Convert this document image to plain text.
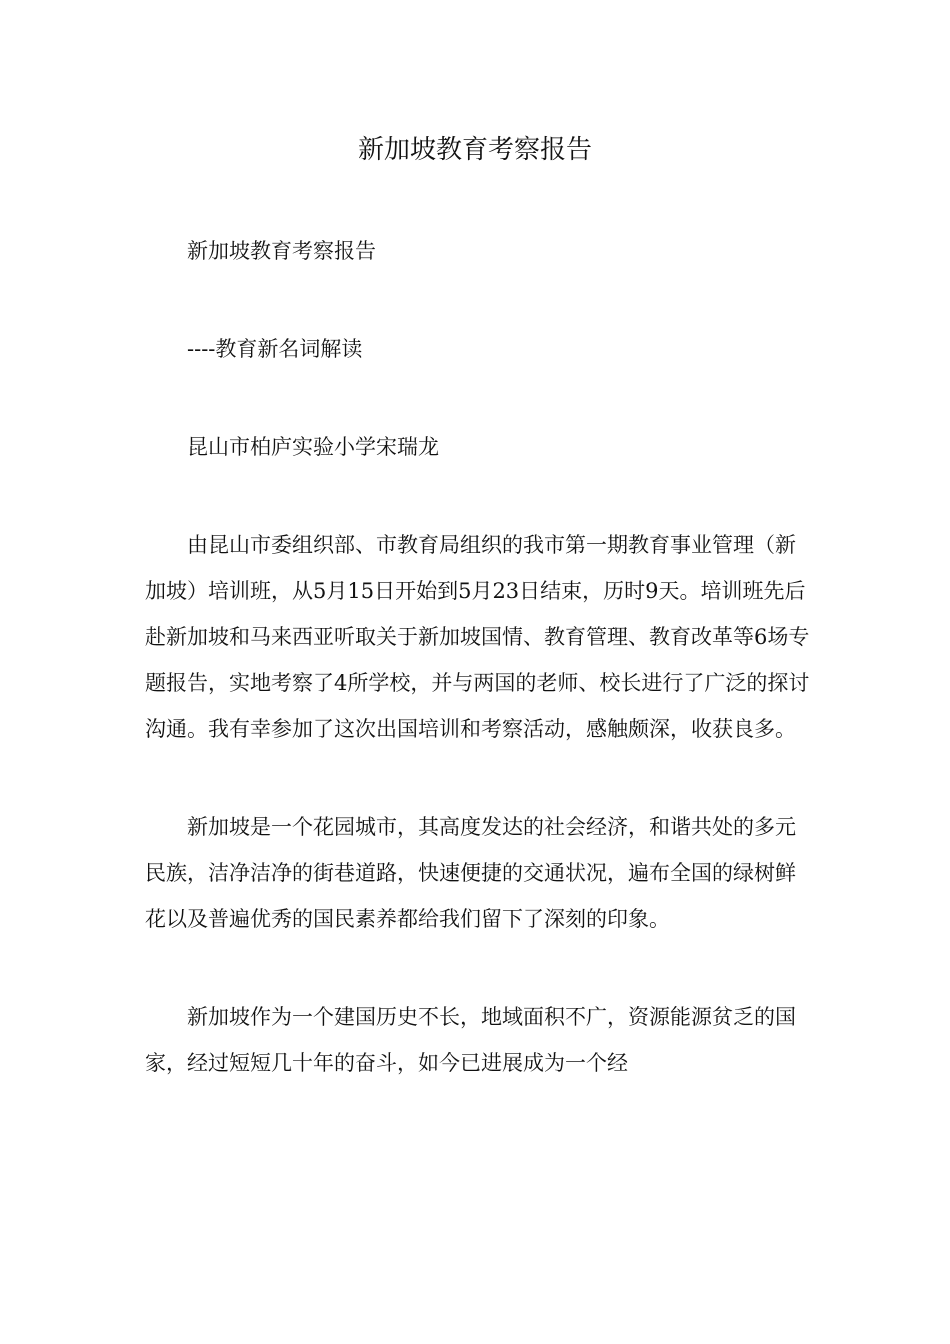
新加坡教育考察报告

新加坡教育考察报告

----教育新名词解读

昆山市柏庐实验小学宋瑞龙

由昆山市委组织部、市教育局组织的我市第一期教育事业管理（新加坡）培训班，从5月15日开始到5月23日结束，历时9天。培训班先后赴新加坡和马来西亚听取关于新加坡国情、教育管理、教育改革等6场专题报告，实地考察了4所学校，并与两国的老师、校长进行了广泛的探讨沟通。我有幸参加了这次出国培训和考察活动，感触颇深，收获良多。

新加坡是一个花园城市，其高度发达的社会经济，和谐共处的多元民族，洁净洁净的街巷道路，快速便捷的交通状况，遍布全国的绿树鲜花以及普遍优秀的国民素养都给我们留下了深刻的印象。

新加坡作为一个建国历史不长，地域面积不广，资源能源贫乏的国家，经过短短几十年的奋斗，如今已进展成为一个经
